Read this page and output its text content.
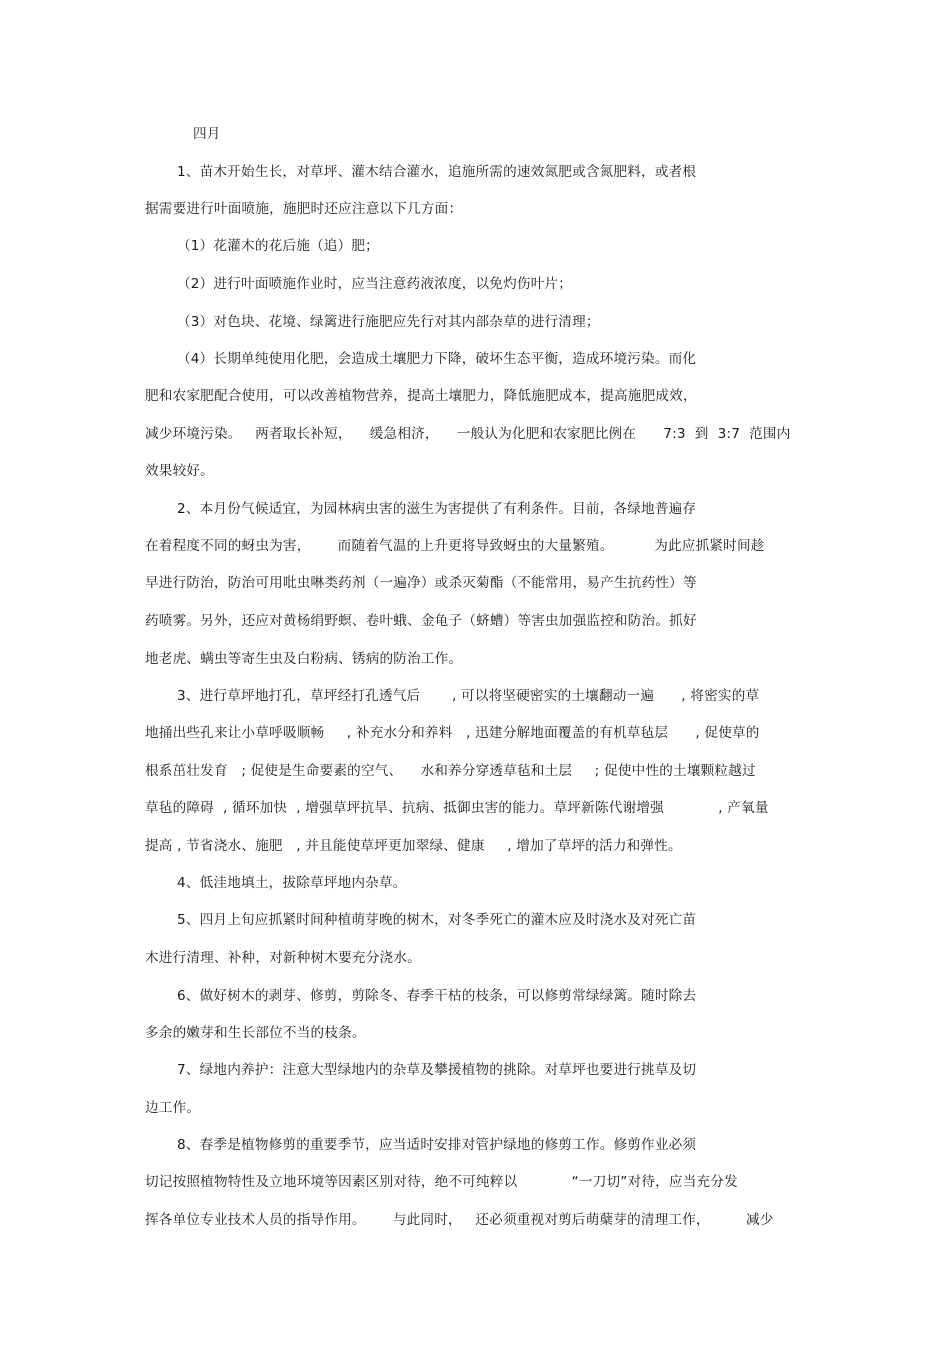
四月
1、苗木开始生长，对草坪、灌木结合灌水，追施所需的速效氮肥或含氮肥料，或者根
据需要进行叶面喷施，施肥时还应注意以下几方面：
（1）花灌木的花后施（追）肥；
（2）进行叶面喷施作业时，应当注意药液浓度，以免灼伤叶片；
（3）对色块、花境、绿篱进行施肥应先行对其内部杂草的进行清理；
（4）长期单纯使用化肥，会造成土壤肥力下降，破坏生态平衡，造成环境污染。而化
肥和农家肥配合使用，可以改善植物营养，提高土壤肥力，降低施肥成本，提高施肥成效，
减少环境污染。   两者取长补短，    缓急相济，    一般认为化肥和农家肥比例在      7:3  到  3:7  范围内
效果较好。
2、本月份气候适宜，为园林病虫害的滋生为害提供了有利条件。目前，各绿地普遍存
在着程度不同的蚜虫为害，      而随着气温的上升更将导致蚜虫的大量繁殖。         为此应抓紧时间趁
早进行防治，防治可用吡虫啉类药剂（一遍净）或杀灭菊酯（不能常用，易产生抗药性）等
药喷雾。另外，还应对黄杨绢野螟、卷叶蛾、金龟子（蛴螬）等害虫加强监控和防治。抓好
地老虎、螨虫等寄生虫及白粉病、锈病的防治工作。
3、进行草坪地打孔，草坪经打孔透气后       , 可以将坚硬密实的土壤翻动一遍      , 将密实的草
地捅出些孔来让小草呼吸顺畅     , 补充水分和养料   , 迅建分解地面覆盖的有机草毡层      , 促使草的
根系茁壮发育   ; 促使是生命要素的空气、    水和养分穿透草毡和土层     ; 促使中性的土壤颗粒越过
草毡的障碍  , 循环加快  , 增强草坪抗旱、抗病、抵御虫害的能力。草坪新陈代谢增强            , 产氧量
提高 , 节省浇水、施肥   , 并且能使草坪更加翠绿、健康     , 增加了草坪的活力和弹性。
4、低洼地填土，拔除草坪地内杂草。
5、四月上旬应抓紧时间种植萌芽晚的树木，对冬季死亡的灌木应及时浇水及对死亡苗
木进行清理、补种，对新种树木要充分浇水。
6、做好树木的剥芽、修剪，剪除冬、春季干枯的枝条，可以修剪常绿绿篱。随时除去
多余的嫩芽和生长部位不当的枝条。
7、绿地内养护：注意大型绿地内的杂草及攀援植物的挑除。对草坪也要进行挑草及切
边工作。
8、春季是植物修剪的重要季节，应当适时安排对管护绿地的修剪工作。修剪作业必须
切记按照植物特性及立地环境等因素区别对待，绝不可纯粹以            “一刀切”对待，应当充分发
挥各单位专业技术人员的指导作用。      与此同时，   还必须重视对剪后萌蘖芽的清理工作，        减少
